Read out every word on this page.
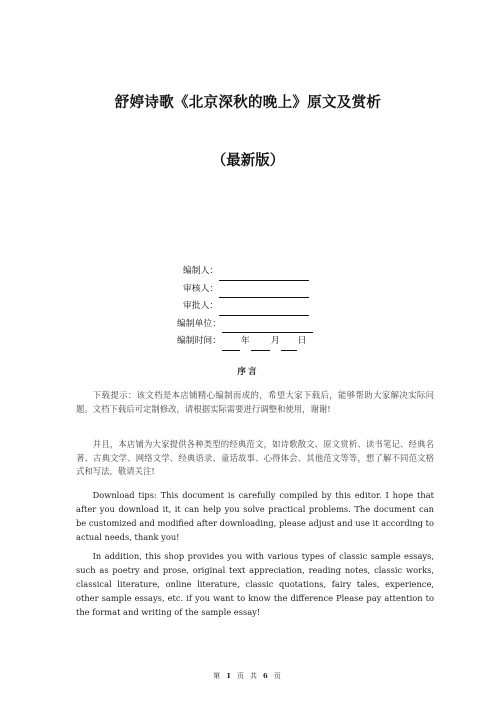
舒婷诗歌《北京深秋的晚上》原文及赏析
（最新版）
编制人：
审核人：
审批人：
编制单位：
编制时间： 年 月 日
序言

下载提示：该文档是本店铺精心编制而成的，希望大家下载后，能够帮助大家解决实际问题。文档下载后可定制修改，请根据实际需要进行调整和使用，谢谢!

并且，本店铺为大家提供各种类型的经典范文，如诗歌散文、原文赏析、读书笔记、经典名著、古典文学、网络文学、经典语录、童话故事、心得体会、其他范文等等，想了解不同范文格式和写法，敬请关注!

Download tips: This document is carefully compiled by this editor. I hope that after you download it, it can help you solve practical problems. The document can be customized and modified after downloading, please adjust and use it according to actual needs, thank you!

In addition, this shop provides you with various types of classic sample essays, such as poetry and prose, original text appreciation, reading notes, classic works, classical literature, online literature, classic quotations, fairy tales, experience, other sample essays, etc. if you want to know the difference Please pay attention to the format and writing of the sample essay!

第 1 页 共 6 页
